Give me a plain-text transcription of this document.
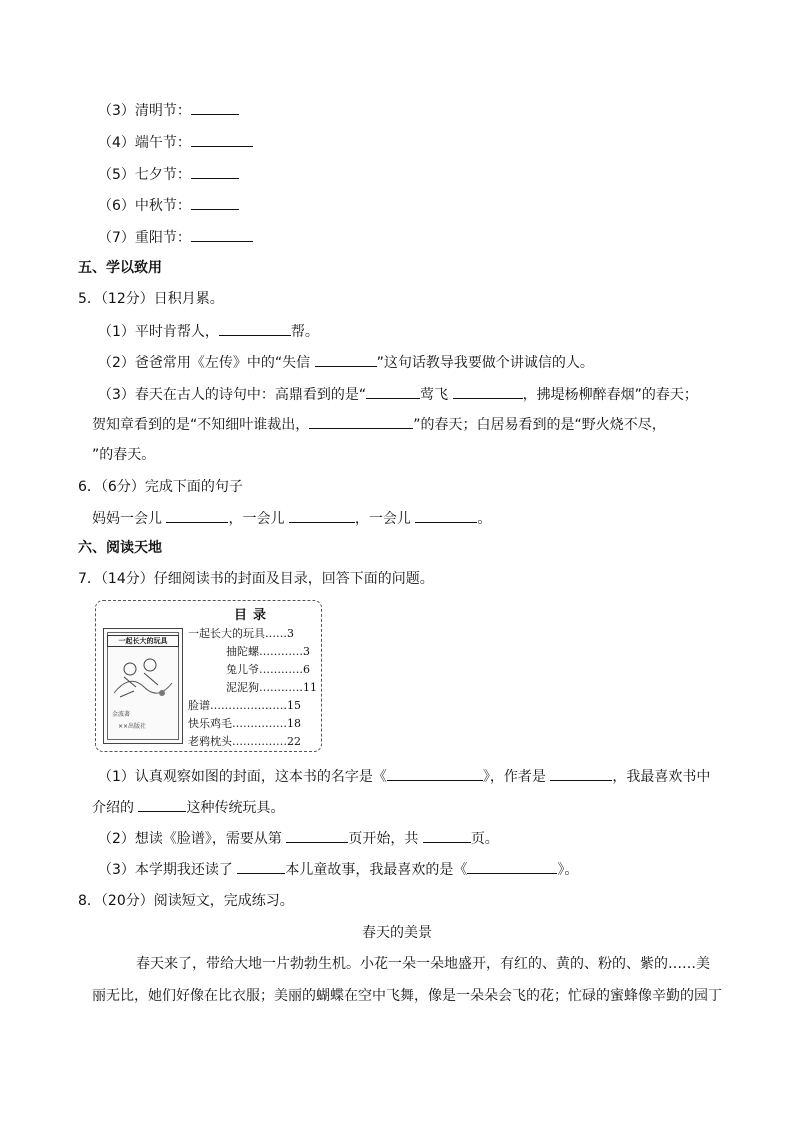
（3）清明节：
（4）端午节：
（5）七夕节：
（6）中秋节：
（7）重阳节：
五、学以致用
5．（12分）日积月累。
（1）平时肯帮人，	帮。
（2）爸爸常用《左传》中的“失信	”这句话教导我要做个讲诚信的人。
（3）春天在古人的诗句中：高鼎看到的是“	莺飞	，拂堤杨柳醉春烟”的春天；
贺知章看到的是“不知细叶谁裁出，	”的春天；白居易看到的是“野火烧不尽，
”的春天。
6．（6分）完成下面的句子
妈妈一会儿	，一会儿	，一会儿	。
六、阅读天地
7．（14分）仔细阅读书的封面及目录，回答下面的问题。
一起长大的玩具
金波著
××出版社
目录
一起长大的玩具……3
抽陀螺…………3
兔儿爷…………6
泥泥狗…………11
脸谱…………………15
快乐鸡毛……………18
老鸦枕头……………22
（1）认真观察如图的封面，这本书的名字是《	》，作者是	，我最喜欢书中
介绍的	这种传统玩具。
（2）想读《脸谱》，需要从第	页开始，共	页。
（3）本学期我还读了	本儿童故事，我最喜欢的是《	》。
8．（20分）阅读短文，完成练习。
春天的美景
春天来了，带给大地一片勃勃生机。小花一朵一朵地盛开，有红的、黄的、粉的、紫的……美
丽无比，她们好像在比衣服；美丽的蝴蝶在空中飞舞，像是一朵朵会飞的花；忙碌的蜜蜂像辛勤的园丁
